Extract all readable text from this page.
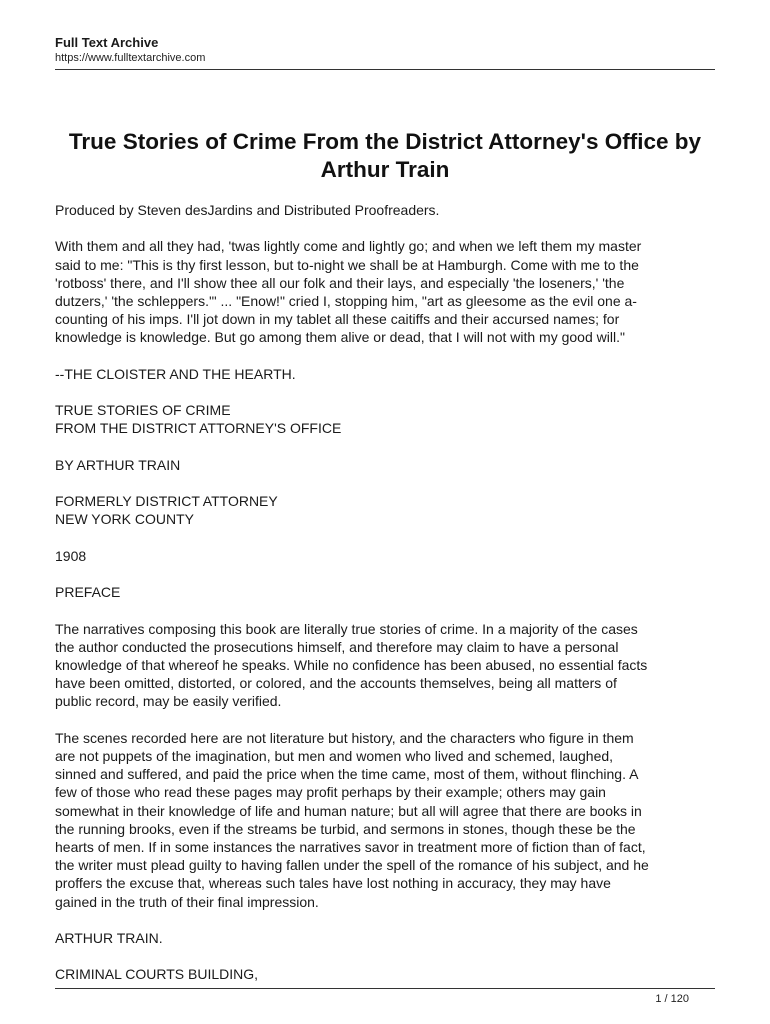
Full Text Archive
https://www.fulltextarchive.com
True Stories of Crime From the District Attorney's Office by
Arthur Train

Produced by Steven desJardins and Distributed Proofreaders.

With them and all they had, 'twas lightly come and lightly go; and when we left them my master
said to me: "This is thy first lesson, but to-night we shall be at Hamburgh. Come with me to the
'rotboss' there, and I'll show thee all our folk and their lays, and especially 'the loseners,' 'the
dutzers,' 'the schleppers.'" ... "Enow!" cried I, stopping him, "art as gleesome as the evil one a-
counting of his imps. I'll jot down in my tablet all these caitiffs and their accursed names; for
knowledge is knowledge. But go among them alive or dead, that I will not with my good will."

--THE CLOISTER AND THE HEARTH.

TRUE STORIES OF CRIME
FROM THE DISTRICT ATTORNEY'S OFFICE

BY ARTHUR TRAIN

FORMERLY DISTRICT ATTORNEY
NEW YORK COUNTY

1908

PREFACE

The narratives composing this book are literally true stories of crime. In a majority of the cases
the author conducted the prosecutions himself, and therefore may claim to have a personal
knowledge of that whereof he speaks. While no confidence has been abused, no essential facts
have been omitted, distorted, or colored, and the accounts themselves, being all matters of
public record, may be easily verified.

The scenes recorded here are not literature but history, and the characters who figure in them
are not puppets of the imagination, but men and women who lived and schemed, laughed,
sinned and suffered, and paid the price when the time came, most of them, without flinching. A
few of those who read these pages may profit perhaps by their example; others may gain
somewhat in their knowledge of life and human nature; but all will agree that there are books in
the running brooks, even if the streams be turbid, and sermons in stones, though these be the
hearts of men. If in some instances the narratives savor in treatment more of fiction than of fact,
the writer must plead guilty to having fallen under the spell of the romance of his subject, and he
proffers the excuse that, whereas such tales have lost nothing in accuracy, they may have
gained in the truth of their final impression.

ARTHUR TRAIN.

CRIMINAL COURTS BUILDING,

1 / 120
